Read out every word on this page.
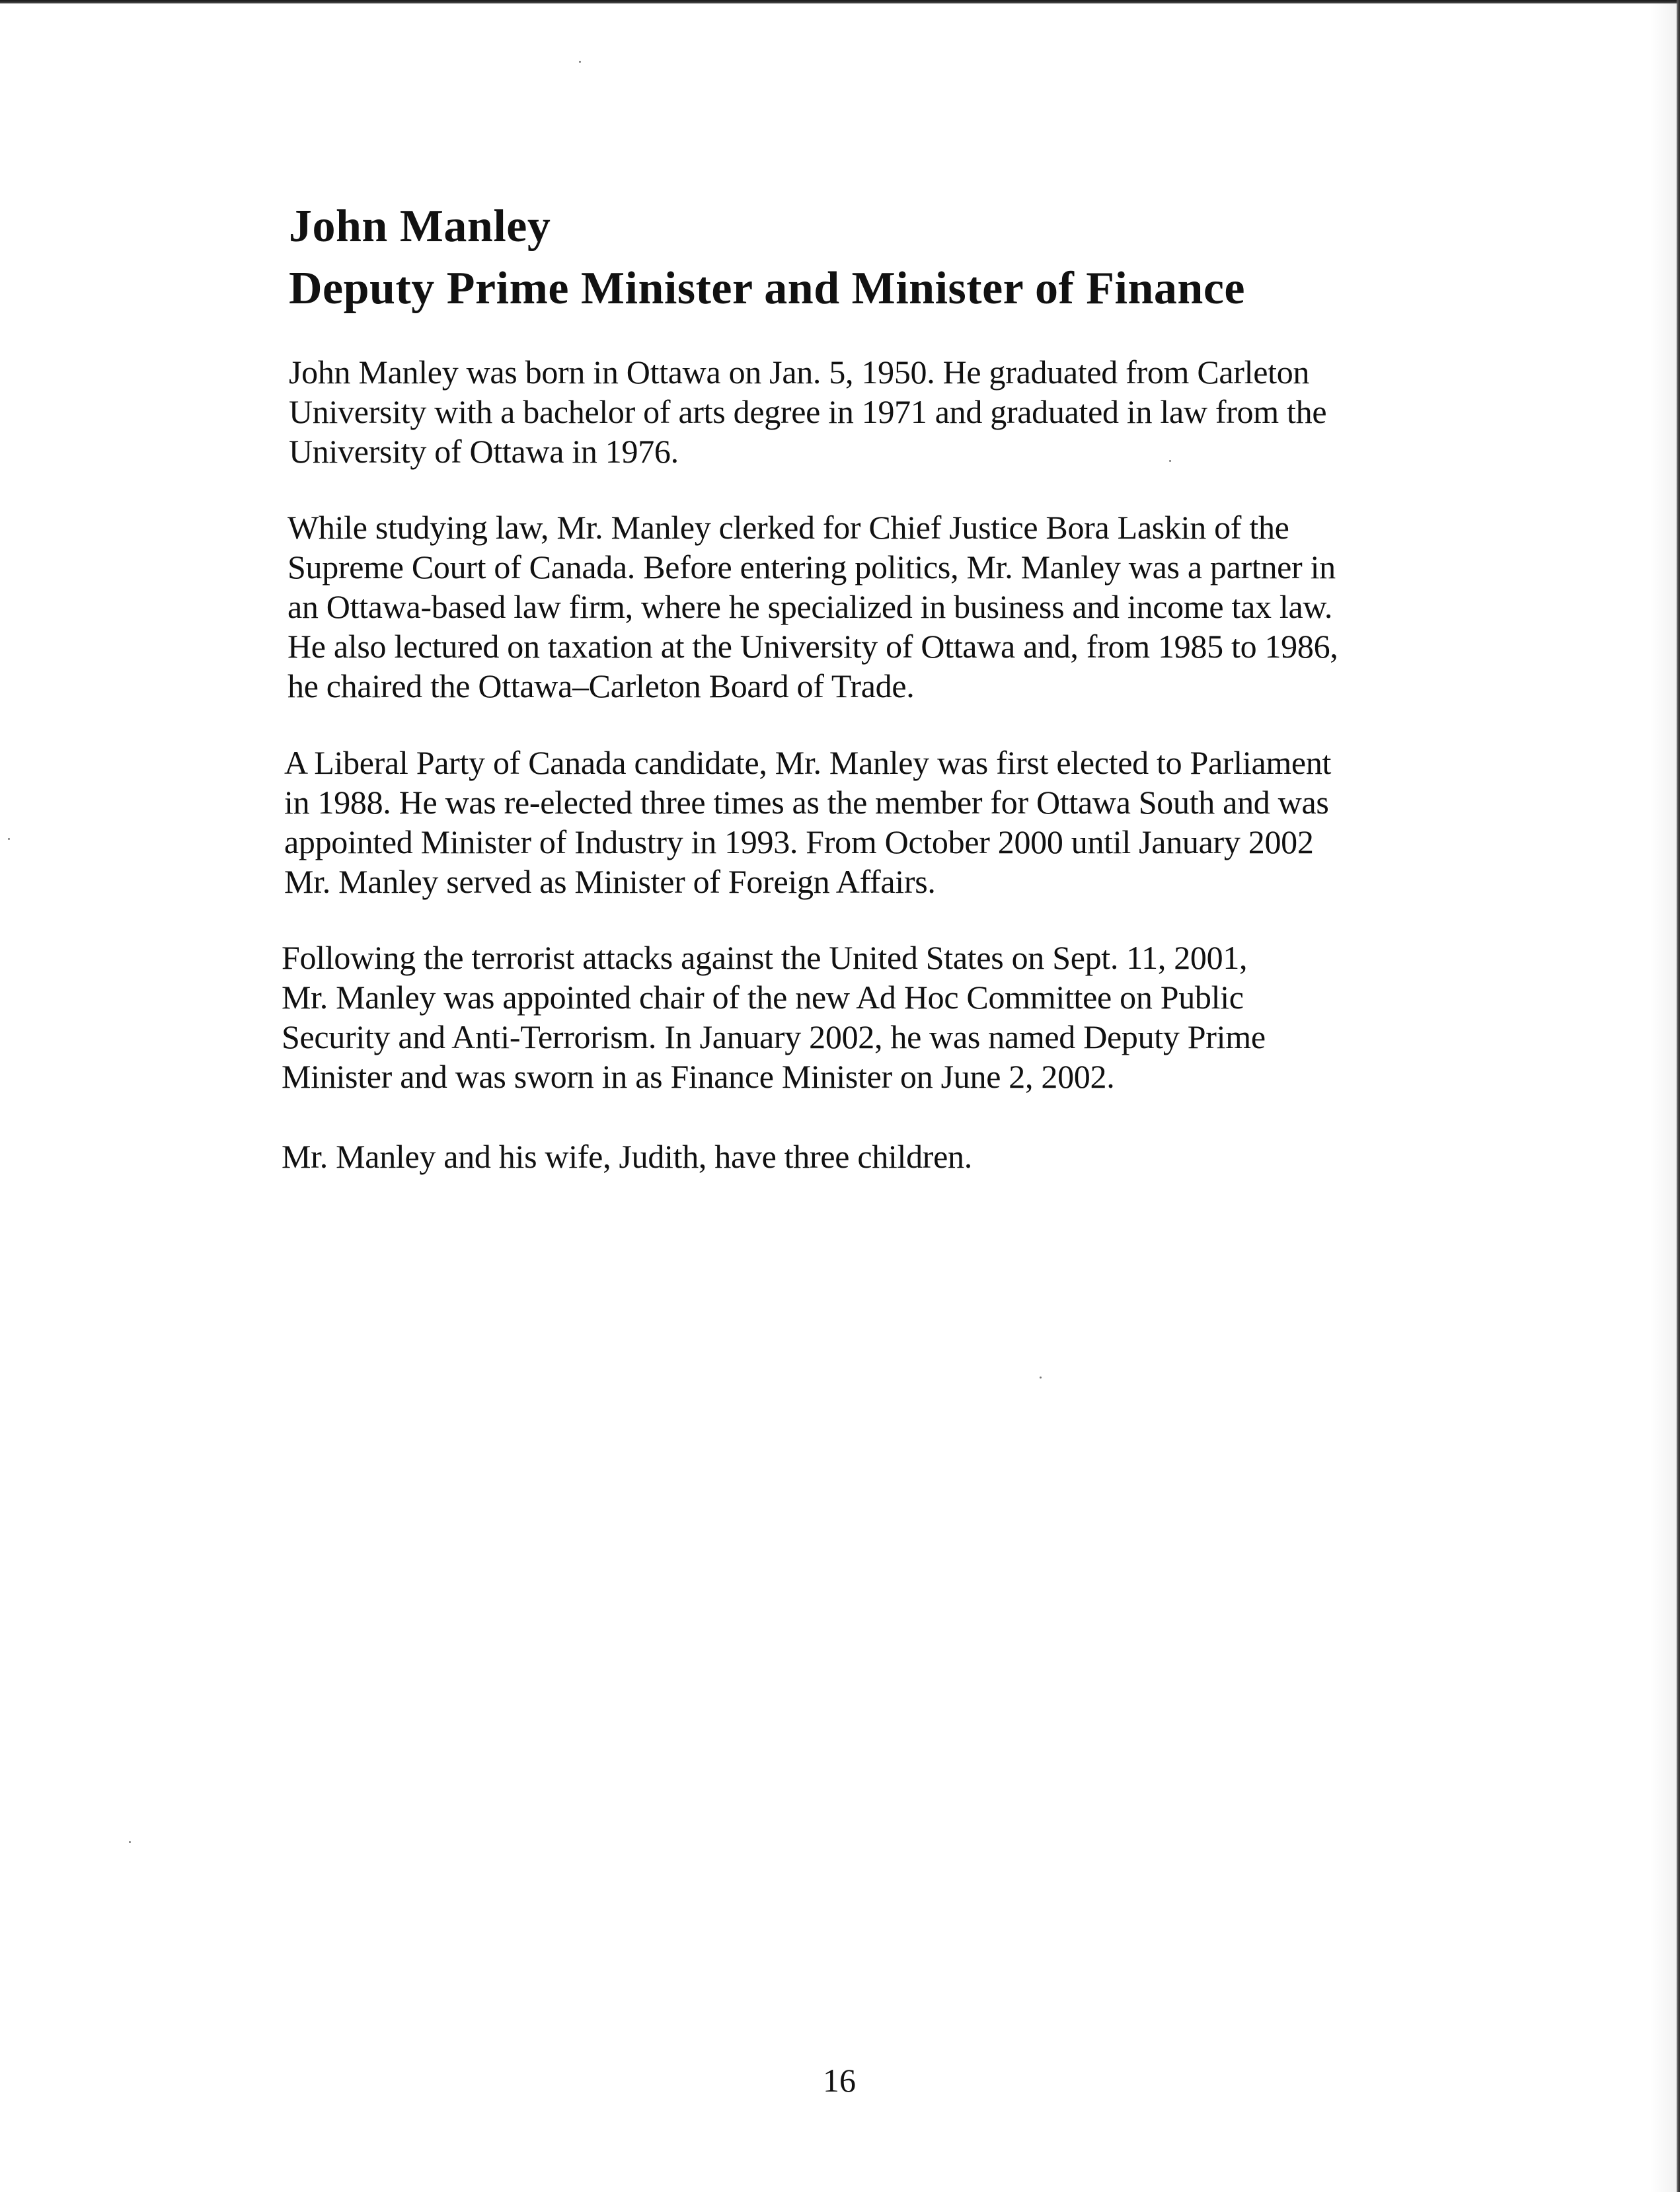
John Manley
Deputy Prime Minister and Minister of Finance

John Manley was born in Ottawa on Jan. 5, 1950. He graduated from Carleton
University with a bachelor of arts degree in 1971 and graduated in law from the
University of Ottawa in 1976.

While studying law, Mr. Manley clerked for Chief Justice Bora Laskin of the
Supreme Court of Canada. Before entering politics, Mr. Manley was a partner in
an Ottawa-based law firm, where he specialized in business and income tax law.
He also lectured on taxation at the University of Ottawa and, from 1985 to 1986,
he chaired the Ottawa–Carleton Board of Trade.

A Liberal Party of Canada candidate, Mr. Manley was first elected to Parliament
in 1988. He was re-elected three times as the member for Ottawa South and was
appointed Minister of Industry in 1993. From October 2000 until January 2002
Mr. Manley served as Minister of Foreign Affairs.

Following the terrorist attacks against the United States on Sept. 11, 2001,
Mr. Manley was appointed chair of the new Ad Hoc Committee on Public
Security and Anti-Terrorism. In January 2002, he was named Deputy Prime
Minister and was sworn in as Finance Minister on June 2, 2002.

Mr. Manley and his wife, Judith, have three children.

16
